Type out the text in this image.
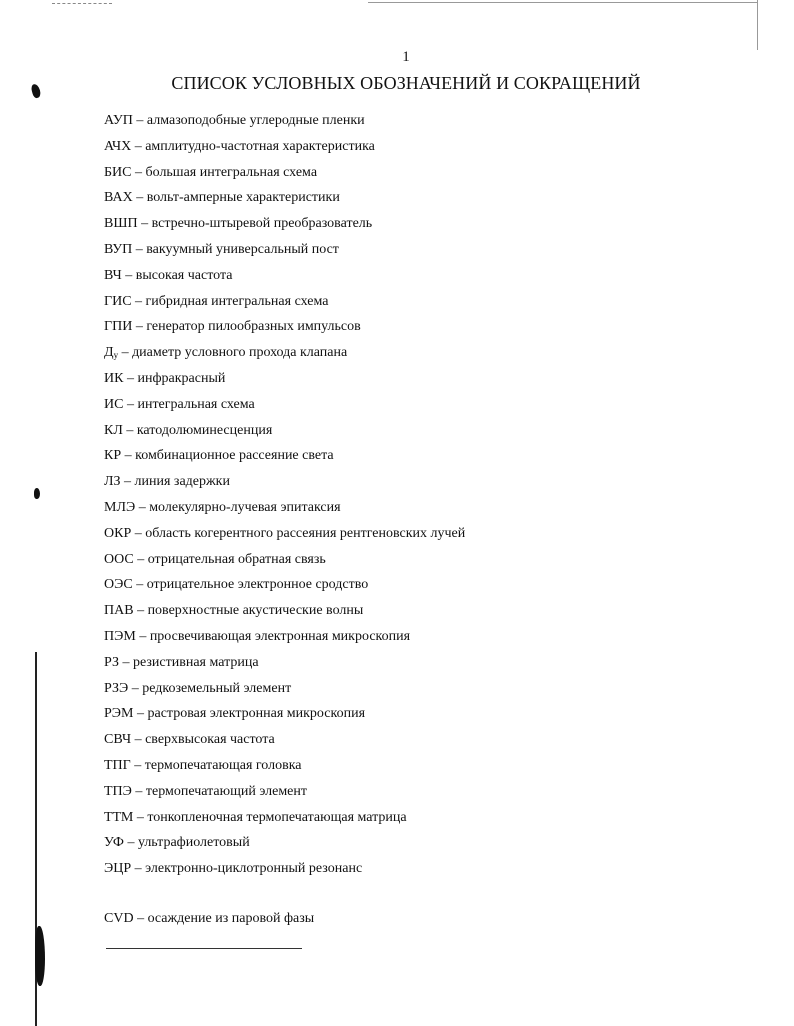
1
СПИСОК УСЛОВНЫХ ОБОЗНАЧЕНИЙ И СОКРАЩЕНИЙ
АУП – алмазоподобные углеродные пленки
АЧХ – амплитудно-частотная характеристика
БИС – большая интегральная схема
ВАХ – вольт-амперные характеристики
ВШП – встречно-штыревой преобразователь
ВУП – вакуумный универсальный пост
ВЧ – высокая частота
ГИС – гибридная интегральная схема
ГПИ – генератор пилообразных импульсов
$Д_у$ – диаметр условного прохода клапана
ИК – инфракрасный
ИС – интегральная схема
КЛ – катодолюминесценция
КР – комбинационное рассеяние света
ЛЗ – линия задержки
МЛЭ – молекулярно-лучевая эпитаксия
ОКР – область когерентного рассеяния рентгеновских лучей
ООС – отрицательная обратная связь
ОЭС – отрицательное электронное сродство
ПАВ – поверхностные акустические волны
ПЭМ – просвечивающая электронная микроскопия
РЗ – резистивная матрица
РЗЭ – редкоземельный элемент
РЭМ – растровая электронная микроскопия
СВЧ – сверхвысокая частота
ТПГ – термопечатающая головка
ТПЭ – термопечатающий элемент
ТТМ – тонкопленочная термопечатающая матрица
УФ – ультрафиолетовый
ЭЦР – электронно-циклотронный резонанс
CVD – осаждение из паровой фазы
